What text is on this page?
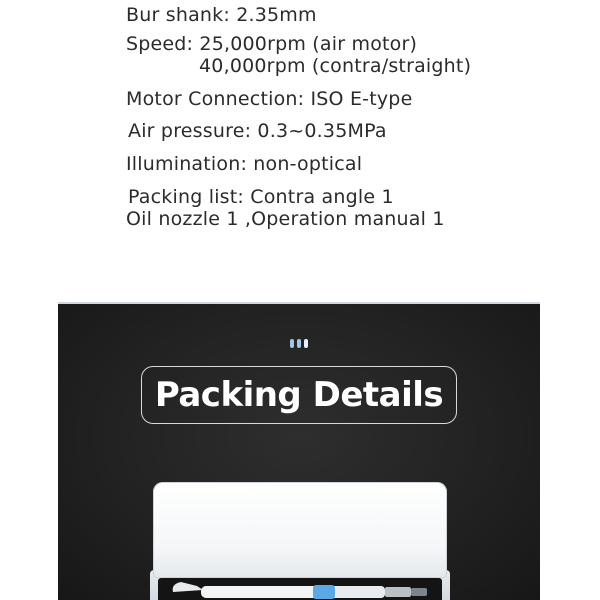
Bur shank: 2.35mm
Speed: 25,000rpm (air motor)
40,000rpm (contra/straight)
Motor Connection: ISO E-type
Air pressure: 0.3~0.35MPa
Illumination: non-optical
Packing list: Contra angle 1
Oil nozzle 1 ,Operation manual 1
Packing Details
